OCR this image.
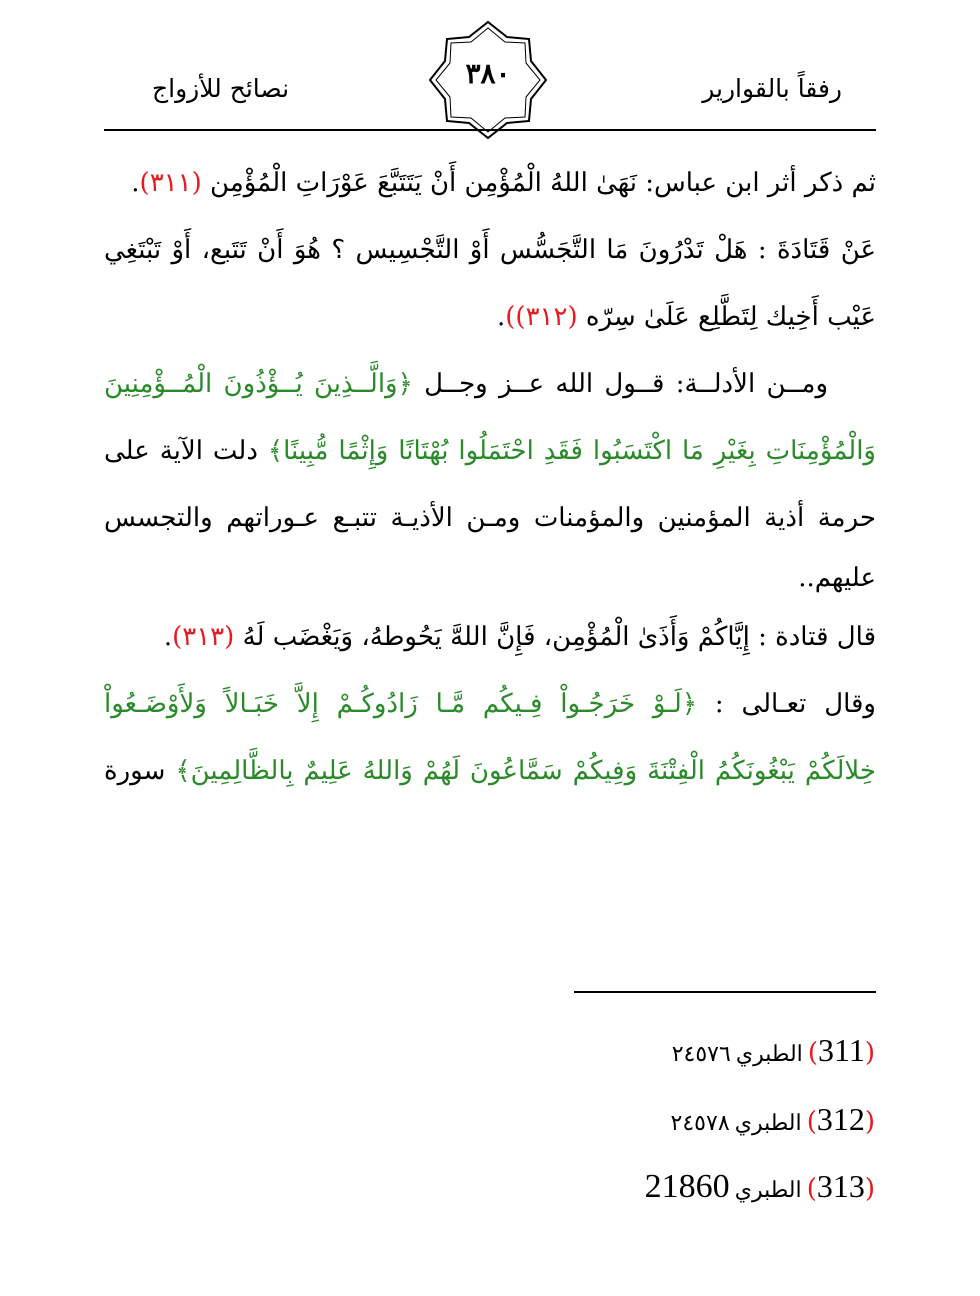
رفقاً بالقوارير
٣٨٠
نصائح للأزواج
ثم ذكر أثر ابن عباس: نَهَىٰ اللهُ الْمُؤْمِن أَنْ يَتَتَبَّعَ عَوْرَاتِ الْمُؤْمِن (٣١١).
عَنْ قَتَادَةَ : هَلْ تَدْرُونَ مَا التَّجَسُّس أَوْ التَّجْسِيس ؟ هُوَ أَنْ تَتَبع، أَوْ تَبْتَغِي
عَيْب أَخِيك لِتَطَّلِع عَلَىٰ سِرّه (٣١٢)).
ومــن الأدلــة: قــول الله عــز وجــل ﴿وَالَّــذِينَ يُــؤْذُونَ الْمُــؤْمِنِينَ
وَالْمُؤْمِنَاتِ بِغَيْرِ مَا اكْتَسَبُوا فَقَدِ احْتَمَلُوا بُهْتَانًا وَإِثْمًا مُّبِينًا﴾ دلت الآية على
حرمة أذية المؤمنين والمؤمنات ومـن الأذيـة تتبـع عـوراتهم والتجسس
عليهم..
قال قتادة : إِيَّاكُمْ وَأَذَىٰ الْمُؤْمِن، فَإِنَّ اللهَّ يَحُوطهُ، وَيَغْضَب لَهُ (٣١٣).
وقال تعـالى : ﴿لَـوْ خَرَجُـواْ فِـيكُم مَّـا زَادُوكُـمْ إِلاَّ خَبَـالاً وَلأَوْضَـعُواْ
خِلالَكُمْ يَبْغُونَكُمُ الْفِتْنَةَ وَفِيكُمْ سَمَّاعُونَ لَهُمْ وَاللهُ عَلِيمٌ بِالظَّالِمِينَ﴾ سورة
(311) الطبري ٢٤٥٧٦
(312) الطبري ٢٤٥٧٨
(313) الطبري 21860
